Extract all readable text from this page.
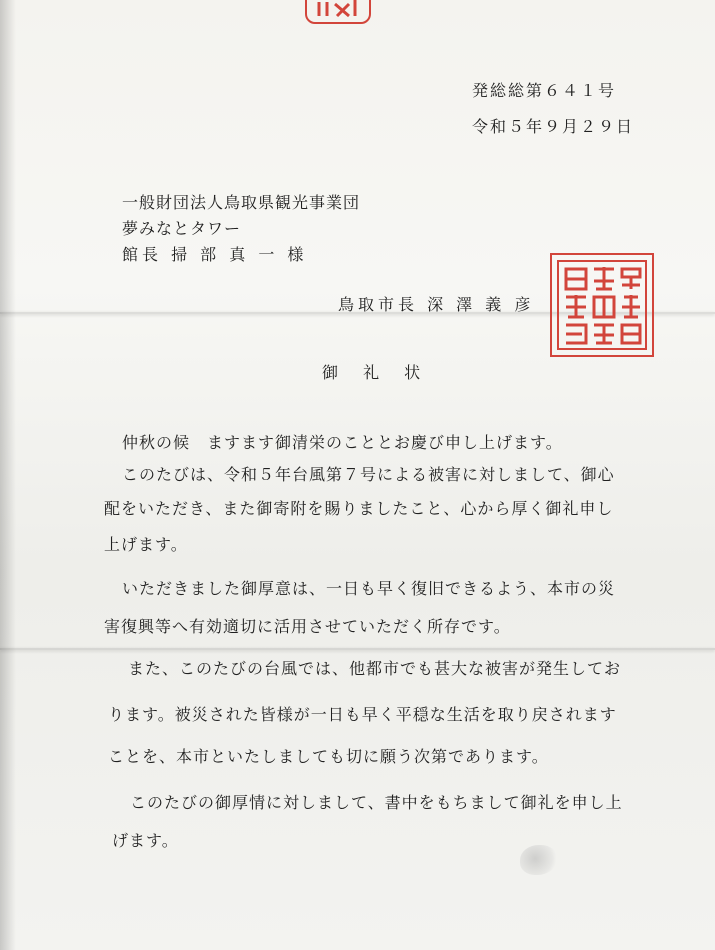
発総総第６４１号
令和５年９月２９日
一般財団法人鳥取県観光事業団
夢みなとタワー
館長 掃 部 真 一 様
鳥取市長 深 澤 義 彦
御 礼 状
仲秋の候　ますます御清栄のこととお慶び申し上げます。
このたびは、令和５年台風第７号による被害に対しまして、御心
配をいただき、また御寄附を賜りましたこと、心から厚く御礼申し
上げます。
いただきました御厚意は、一日も早く復旧できるよう、本市の災
害復興等へ有効適切に活用させていただく所存です。
また、このたびの台風では、他都市でも甚大な被害が発生してお
ります。被災された皆様が一日も早く平穏な生活を取り戻されます
ことを、本市といたしましても切に願う次第であります。
このたびの御厚情に対しまして、書中をもちまして御礼を申し上
げます。
